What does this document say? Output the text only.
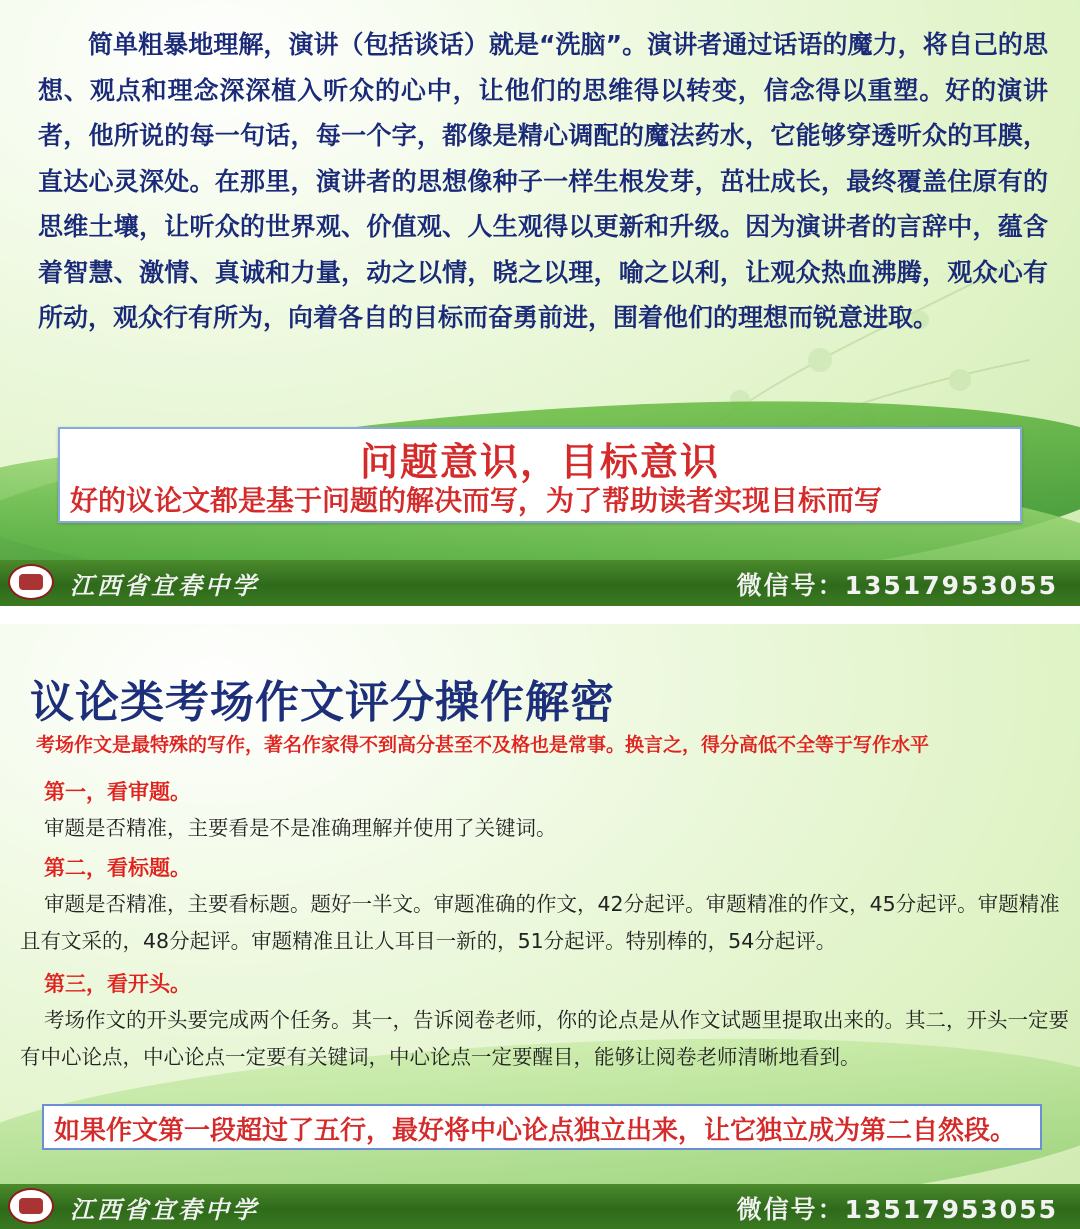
简单粗暴地理解，演讲（包括谈话）就是“洗脑”。演讲者通过话语的魔力，将自己的思想、观点和理念深深植入听众的心中，让他们的思维得以转变，信念得以重塑。好的演讲者，他所说的每一句话，每一个字，都像是精心调配的魔法药水，它能够穿透听众的耳膜，直达心灵深处。在那里，演讲者的思想像种子一样生根发芽，茁壮成长，最终覆盖住原有的思维土壤，让听众的世界观、价值观、人生观得以更新和升级。因为演讲者的言辞中，蕴含着智慧、激情、真诚和力量，动之以情，晓之以理，喻之以利，让观众热血沸腾，观众心有所动，观众行有所为，向着各自的目标而奋勇前进，围着他们的理想而锐意进取。
问题意识，目标意识
好的议论文都是基于问题的解决而写，为了帮助读者实现目标而写
江西省宜春中学	微信号：13517953055
议论类考场作文评分操作解密
考场作文是最特殊的写作，著名作家得不到高分甚至不及格也是常事。换言之，得分高低不全等于写作水平
第一，看审题。
审题是否精准，主要看是不是准确理解并使用了关键词。
第二，看标题。
审题是否精准，主要看标题。题好一半文。审题准确的作文，42分起评。审题精准的作文，45分起评。审题精准且有文采的，48分起评。审题精准且让人耳目一新的，51分起评。特别棒的，54分起评。
第三，看开头。
考场作文的开头要完成两个任务。其一，告诉阅卷老师，你的论点是从作文试题里提取出来的。其二，开头一定要有中心论点，中心论点一定要有关键词，中心论点一定要醒目，能够让阅卷老师清晰地看到。
如果作文第一段超过了五行，最好将中心论点独立出来，让它独立成为第二自然段。
江西省宜春中学	微信号：13517953055
